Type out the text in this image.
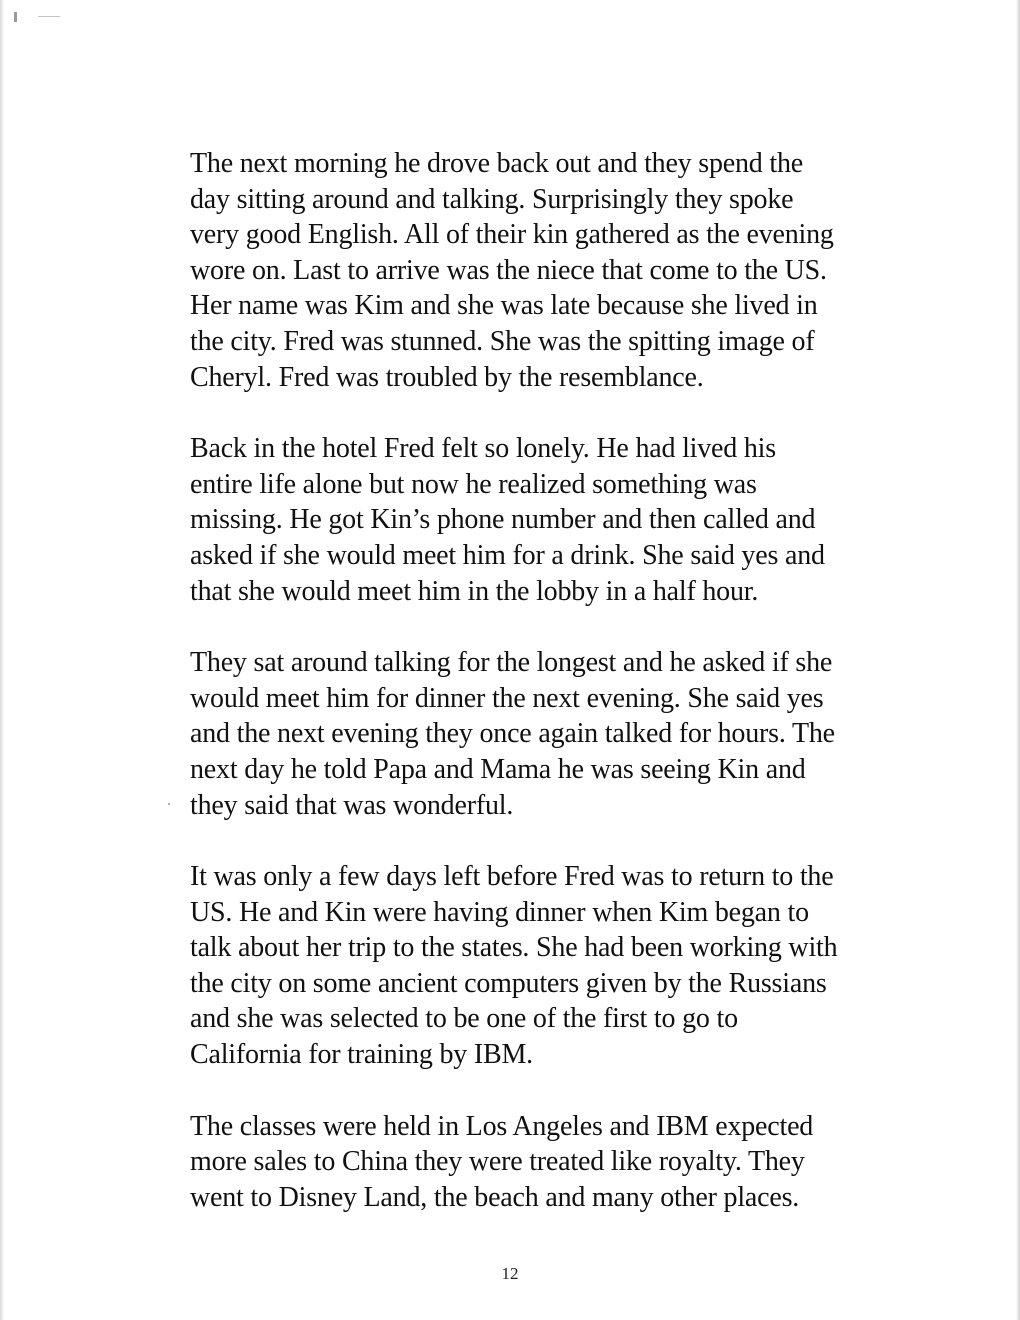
The next morning he drove back out and they spend the
day sitting around and talking. Surprisingly they spoke
very good English. All of their kin gathered as the evening
wore on. Last to arrive was the niece that come to the US.
Her name was Kim and she was late because she lived in
the city. Fred was stunned. She was the spitting image of
Cheryl. Fred was troubled by the resemblance.

Back in the hotel Fred felt so lonely. He had lived his
entire life alone but now he realized something was
missing. He got Kin’s phone number and then called and
asked if she would meet him for a drink. She said yes and
that she would meet him in the lobby in a half hour.

They sat around talking for the longest and he asked if she
would meet him for dinner the next evening. She said yes
and the next evening they once again talked for hours. The
next day he told Papa and Mama he was seeing Kin and
they said that was wonderful.

It was only a few days left before Fred was to return to the
US. He and Kin were having dinner when Kim began to
talk about her trip to the states. She had been working with
the city on some ancient computers given by the Russians
and she was selected to be one of the first to go to
California for training by IBM.

The classes were held in Los Angeles and IBM expected
more sales to China they were treated like royalty. They
went to Disney Land, the beach and many other places.

12
